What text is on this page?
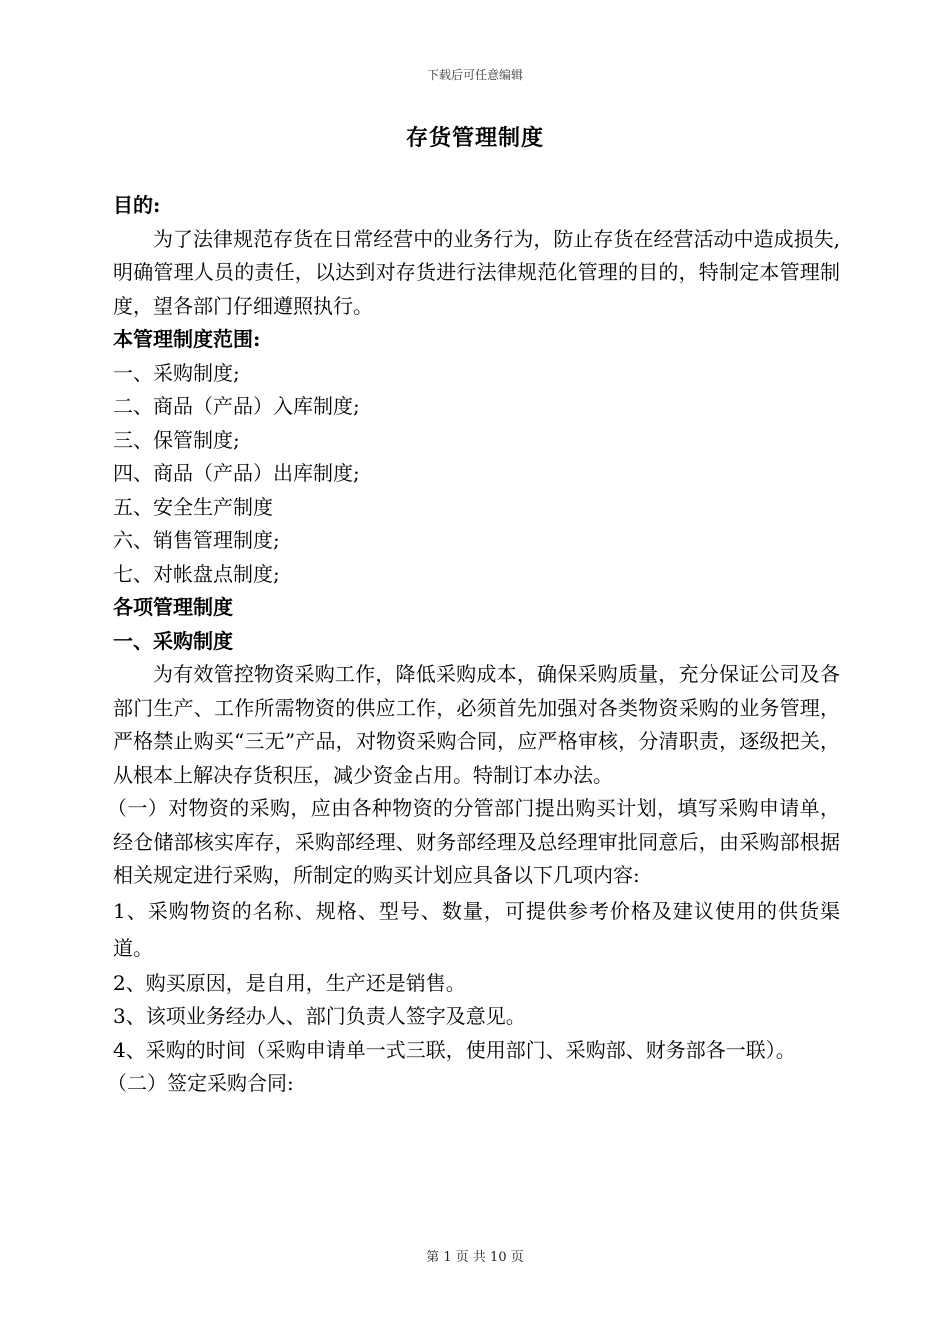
下载后可任意编辑
存货管理制度

目的:

为了法律规范存货在日常经营中的业务行为，防止存货在经营活动中造成损失,明确管理人员的责任，以达到对存货进行法律规范化管理的目的，特制定本管理制度，望各部门仔细遵照执行。

本管理制度范围:

一、采购制度;

二、商品（产品）入库制度;

三、保管制度;

四、商品（产品）出库制度;

五、安全生产制度

六、销售管理制度;

七、对帐盘点制度;

各项管理制度

一、采购制度

为有效管控物资采购工作，降低采购成本，确保采购质量，充分保证公司及各部门生产、工作所需物资的供应工作，必须首先加强对各类物资采购的业务管理，严格禁止购买“三无”产品，对物资采购合同，应严格审核，分清职责，逐级把关，从根本上解决存货积压，减少资金占用。特制订本办法。

（一）对物资的采购，应由各种物资的分管部门提出购买计划，填写采购申请单，经仓储部核实库存，采购部经理、财务部经理及总经理审批同意后，由采购部根据相关规定进行采购，所制定的购买计划应具备以下几项内容:

1、采购物资的名称、规格、型号、数量，可提供参考价格及建议使用的供货渠道。

2、购买原因，是自用，生产还是销售。

3、该项业务经办人、部门负责人签字及意见。

4、采购的时间（采购申请单一式三联，使用部门、采购部、财务部各一联）。

（二）签定采购合同:

第 1 页 共 10 页
